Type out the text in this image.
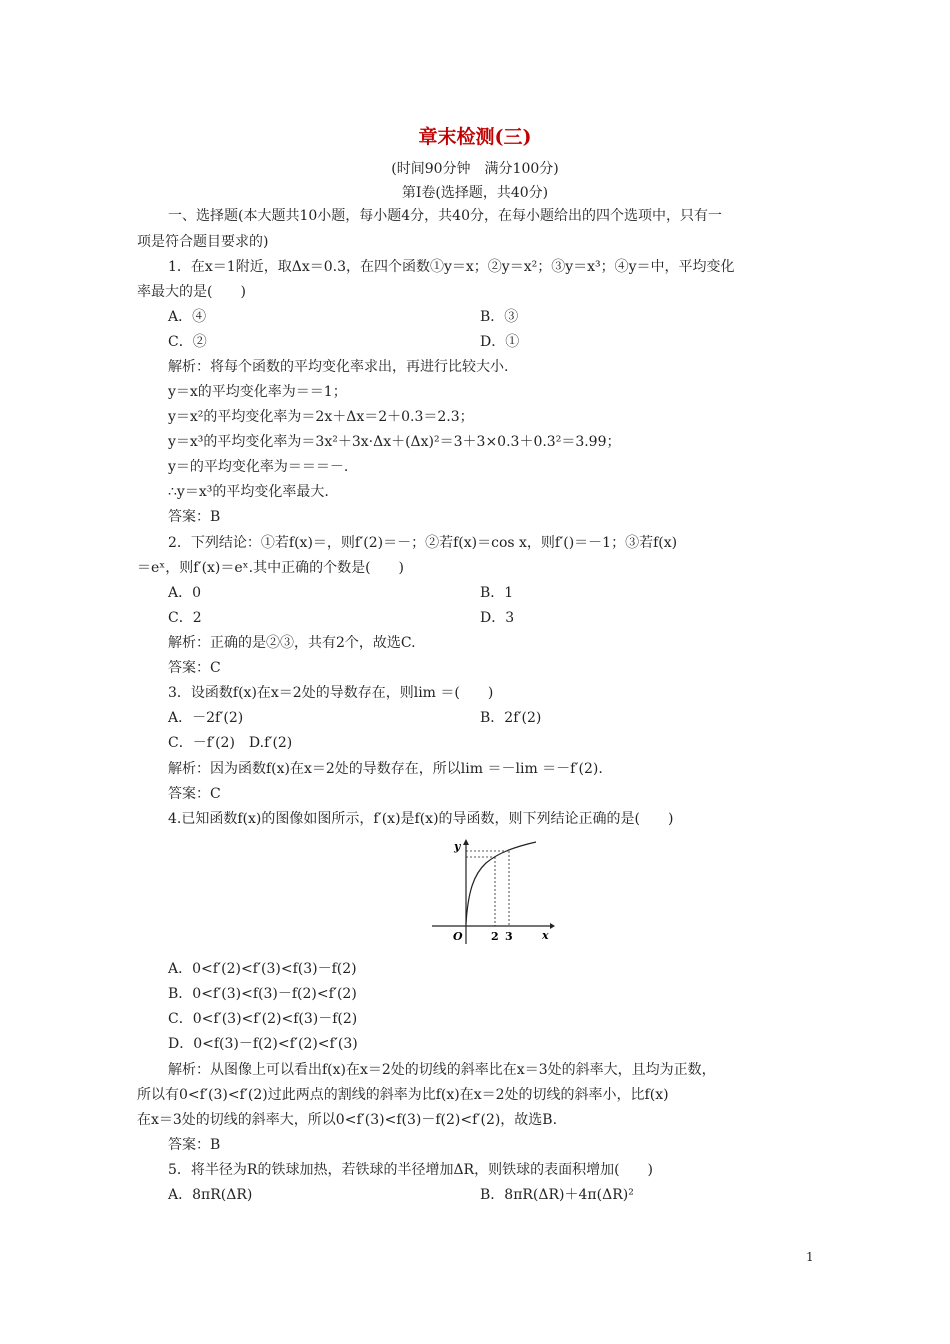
章末检测(三)
(时间90分钟　满分100分)
第Ⅰ卷(选择题，共40分)
一、选择题(本大题共10小题，每小题4分，共40分，在每小题给出的四个选项中，只有一
项是符合题目要求的)
1．在x＝1附近，取Δx＝0.3，在四个函数①y＝x；②y＝x²；③y＝x³；④y＝中，平均变化
率最大的是(　　)
A．④	B．③
C．②	D．①
解析：将每个函数的平均变化率求出，再进行比较大小.
y＝x的平均变化率为＝＝1；
y＝x²的平均变化率为＝2x＋Δx＝2＋0.3＝2.3；
y＝x³的平均变化率为＝3x²＋3x·Δx＋(Δx)²＝3＋3×0.3＋0.3²＝3.99；
y＝的平均变化率为＝＝＝－.
∴y＝x³的平均变化率最大.
答案：B
2．下列结论：①若f(x)＝，则f′(2)＝－；②若f(x)＝cos x，则f′()＝－1；③若f(x)
＝eˣ，则f′(x)＝eˣ.其中正确的个数是(　　)
A．0	B．1
C．2	D．3
解析：正确的是②③，共有2个，故选C.
答案：C
3．设函数f(x)在x＝2处的导数存在，则lim ＝(　　)
A．－2f′(2)	B．2f′(2)
C．－f′(2)　D.f′(2)
解析：因为函数f(x)在x＝2处的导数存在，所以lim ＝－lim ＝－f′(2).
答案：C
4.已知函数f(x)的图像如图所示，f′(x)是f(x)的导函数，则下列结论正确的是(　　)
y
x
O	2 3
A．0<f′(2)<f′(3)<f(3)－f(2)
B．0<f′(3)<f(3)－f(2)<f′(2)
C．0<f′(3)<f′(2)<f(3)－f(2)
D．0<f(3)－f(2)<f′(2)<f′(3)
解析：从图像上可以看出f(x)在x＝2处的切线的斜率比在x＝3处的斜率大，且均为正数，
所以有0<f′(3)<f′(2)过此两点的割线的斜率为比f(x)在x＝2处的切线的斜率小，比f(x)
在x＝3处的切线的斜率大，所以0<f′(3)<f(3)－f(2)<f′(2)，故选B.
答案：B
5．将半径为R的铁球加热，若铁球的半径增加ΔR，则铁球的表面积增加(　　)
A．8πR(ΔR)	B．8πR(ΔR)＋4π(ΔR)²
1
